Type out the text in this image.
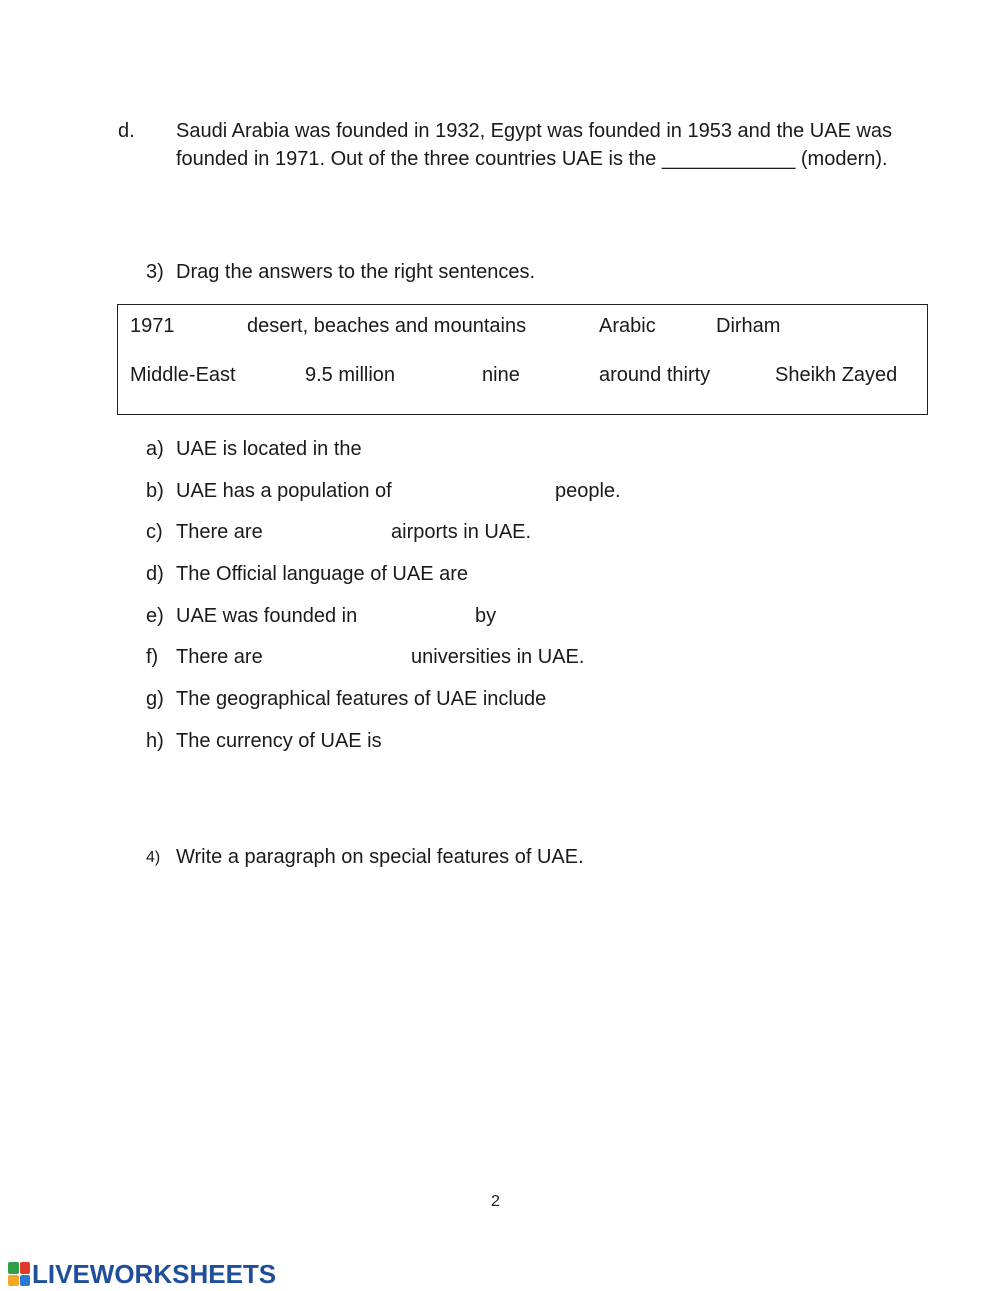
d. Saudi Arabia was founded in 1932, Egypt was founded in 1953 and the UAE was founded in 1971. Out of the three countries UAE is the ____________ (modern).
3) Drag the answers to the right sentences.
1971	desert, beaches and mountains	Arabic	Dirham
Middle-East	9.5 million	nine	around thirty	Sheikh Zayed
a) UAE is located in the
b) UAE has a population of	people.
c) There are	airports in UAE.
d) The Official language of UAE are
e) UAE was founded in	by
f) There are	universities in UAE.
g) The geographical features of UAE include
h) The currency of UAE is
4) Write a paragraph on special features of UAE.
2
LIVEWORKSHEETS
